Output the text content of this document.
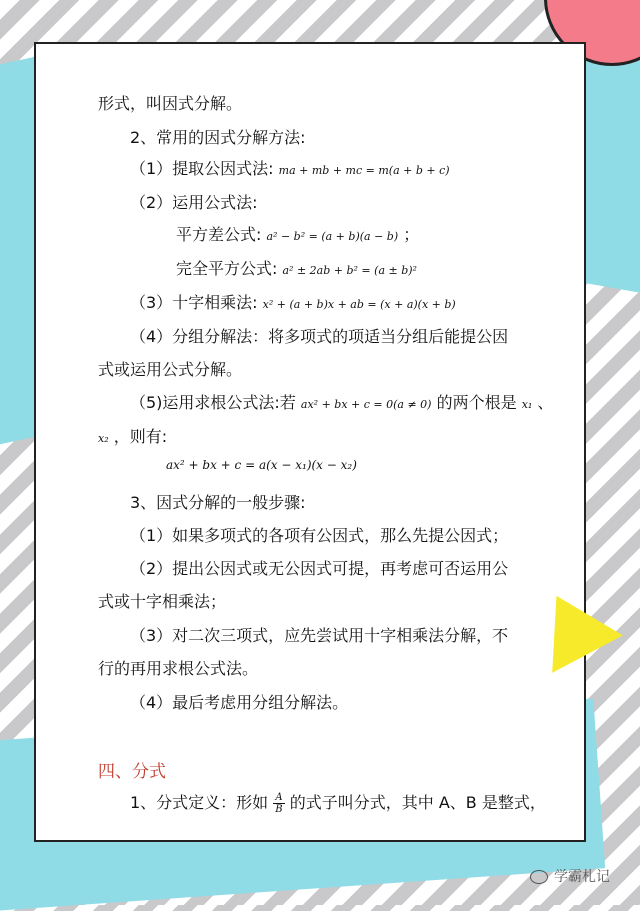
形式，叫因式分解。
2、常用的因式分解方法:
（1）提取公因式法: ma + mb + mc = m(a + b + c)
（2）运用公式法:
平方差公式: a² − b² = (a + b)(a − b) ；
完全平方公式: a² ± 2ab + b² = (a ± b)²
（3）十字相乘法: x² + (a + b)x + ab = (x + a)(x + b)
（4）分组分解法：将多项式的项适当分组后能提公因
式或运用公式分解。
（5)运用求根公式法:若 ax² + bx + c = 0(a ≠ 0) 的两个根是 x₁ 、
x₂ ，则有:
ax² + bx + c = a(x − x₁)(x − x₂)
3、因式分解的一般步骤:
（1）如果多项式的各项有公因式，那么先提公因式；
（2）提出公因式或无公因式可提，再考虑可否运用公
式或十字相乘法；
（3）对二次三项式，应先尝试用十字相乘法分解，不
行的再用求根公式法。
（4）最后考虑用分组分解法。
四、分式
1、分式定义：形如 $\frac{A}{B}$ 的式子叫分式，其中 A、B 是整式，
学霸札记
